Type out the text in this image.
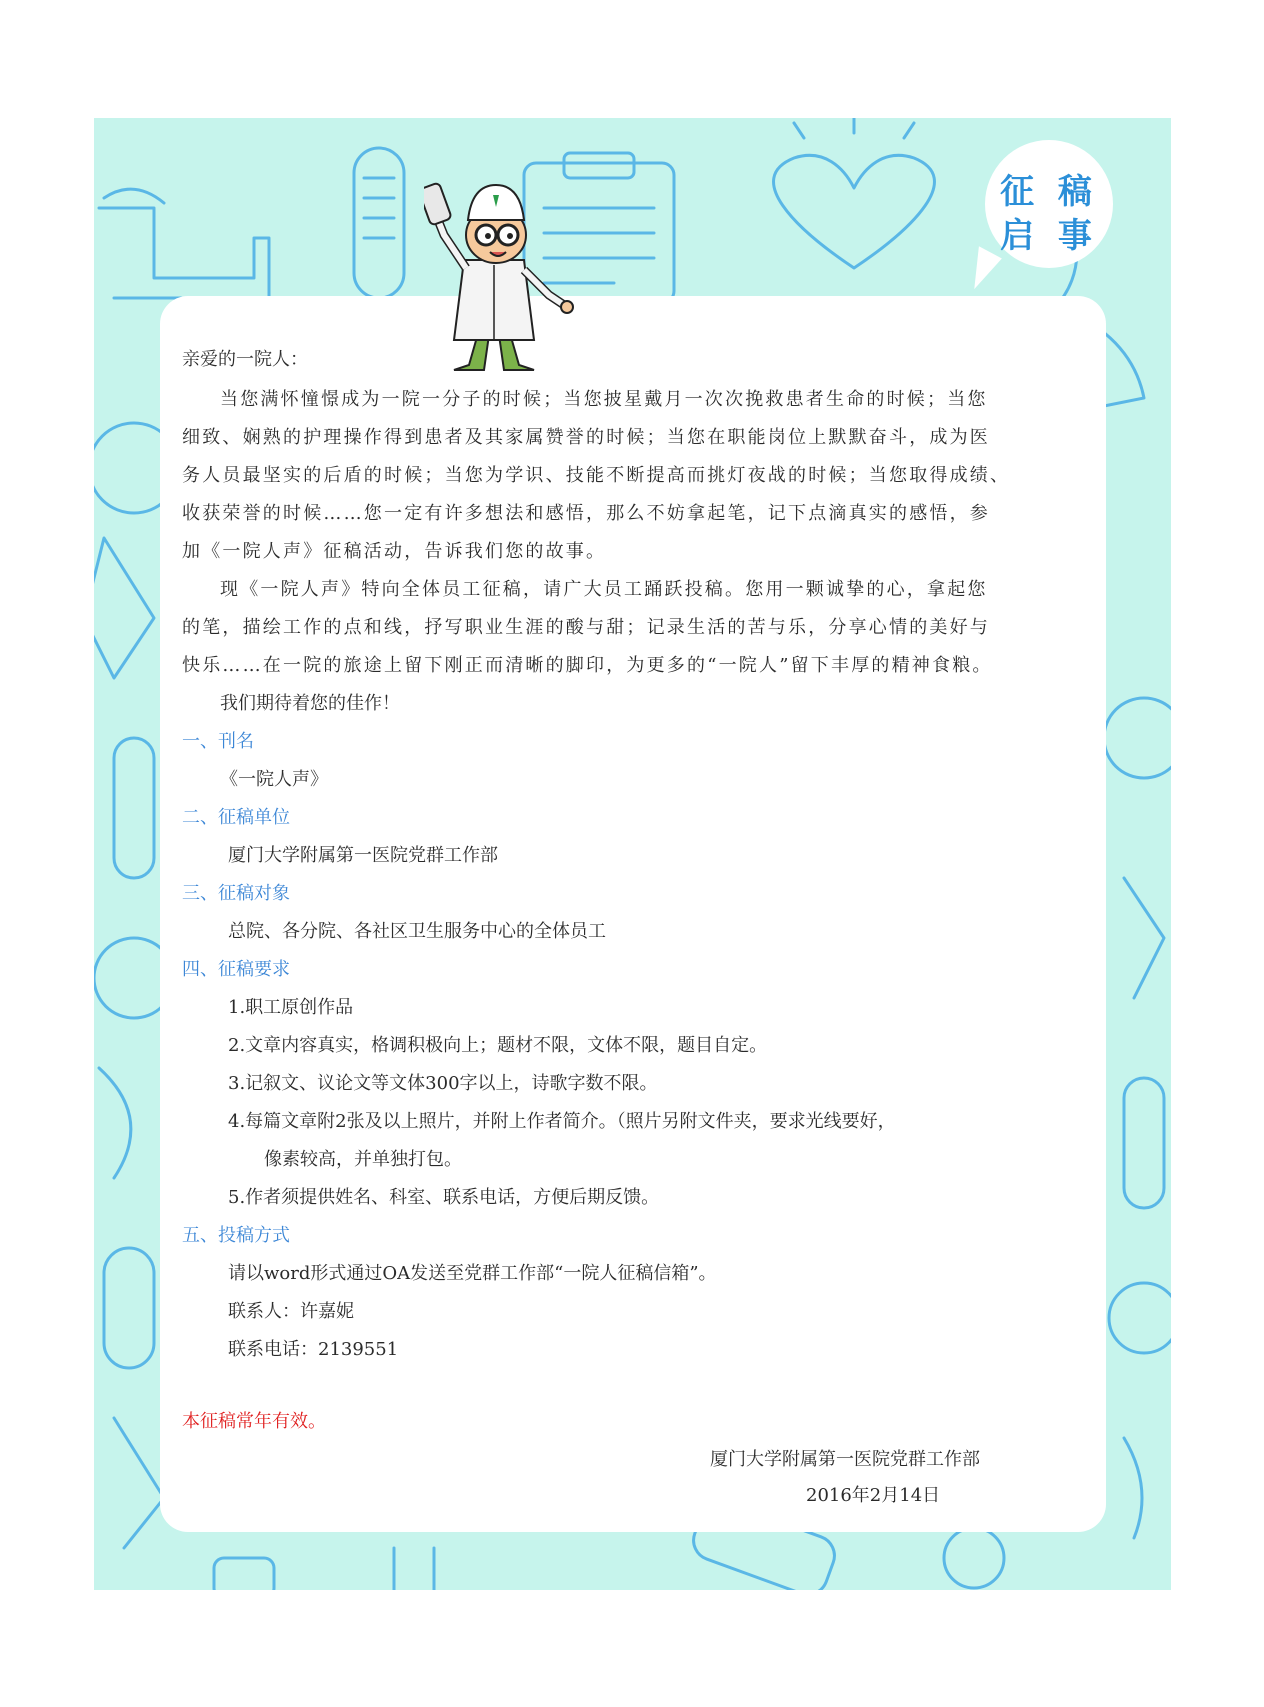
征 稿
启 事
亲爱的一院人：
当您满怀憧憬成为一院一分子的时候；当您披星戴月一次次挽救患者生命的时候；当您
细致、娴熟的护理操作得到患者及其家属赞誉的时候；当您在职能岗位上默默奋斗，成为医
务人员最坚实的后盾的时候；当您为学识、技能不断提高而挑灯夜战的时候；当您取得成绩、
收获荣誉的时候……您一定有许多想法和感悟，那么不妨拿起笔，记下点滴真实的感悟，参
加《一院人声》征稿活动，告诉我们您的故事。
现《一院人声》特向全体员工征稿，请广大员工踊跃投稿。您用一颗诚挚的心，拿起您
的笔，描绘工作的点和线，抒写职业生涯的酸与甜；记录生活的苦与乐，分享心情的美好与
快乐……在一院的旅途上留下刚正而清晰的脚印，为更多的“一院人”留下丰厚的精神食粮。
我们期待着您的佳作！
一、刊名
《一院人声》
二、征稿单位
厦门大学附属第一医院党群工作部
三、征稿对象
总院、各分院、各社区卫生服务中心的全体员工
四、征稿要求
1.职工原创作品
2.文章内容真实，格调积极向上；题材不限，文体不限，题目自定。
3.记叙文、议论文等文体300字以上，诗歌字数不限。
4.每篇文章附2张及以上照片，并附上作者简介。（照片另附文件夹，要求光线要好，
像素较高，并单独打包。
5.作者须提供姓名、科室、联系电话，方便后期反馈。
五、投稿方式
请以word形式通过OA发送至党群工作部“一院人征稿信箱”。
联系人：许嘉妮
联系电话：2139551
本征稿常年有效。
厦门大学附属第一医院党群工作部
2016年2月14日
